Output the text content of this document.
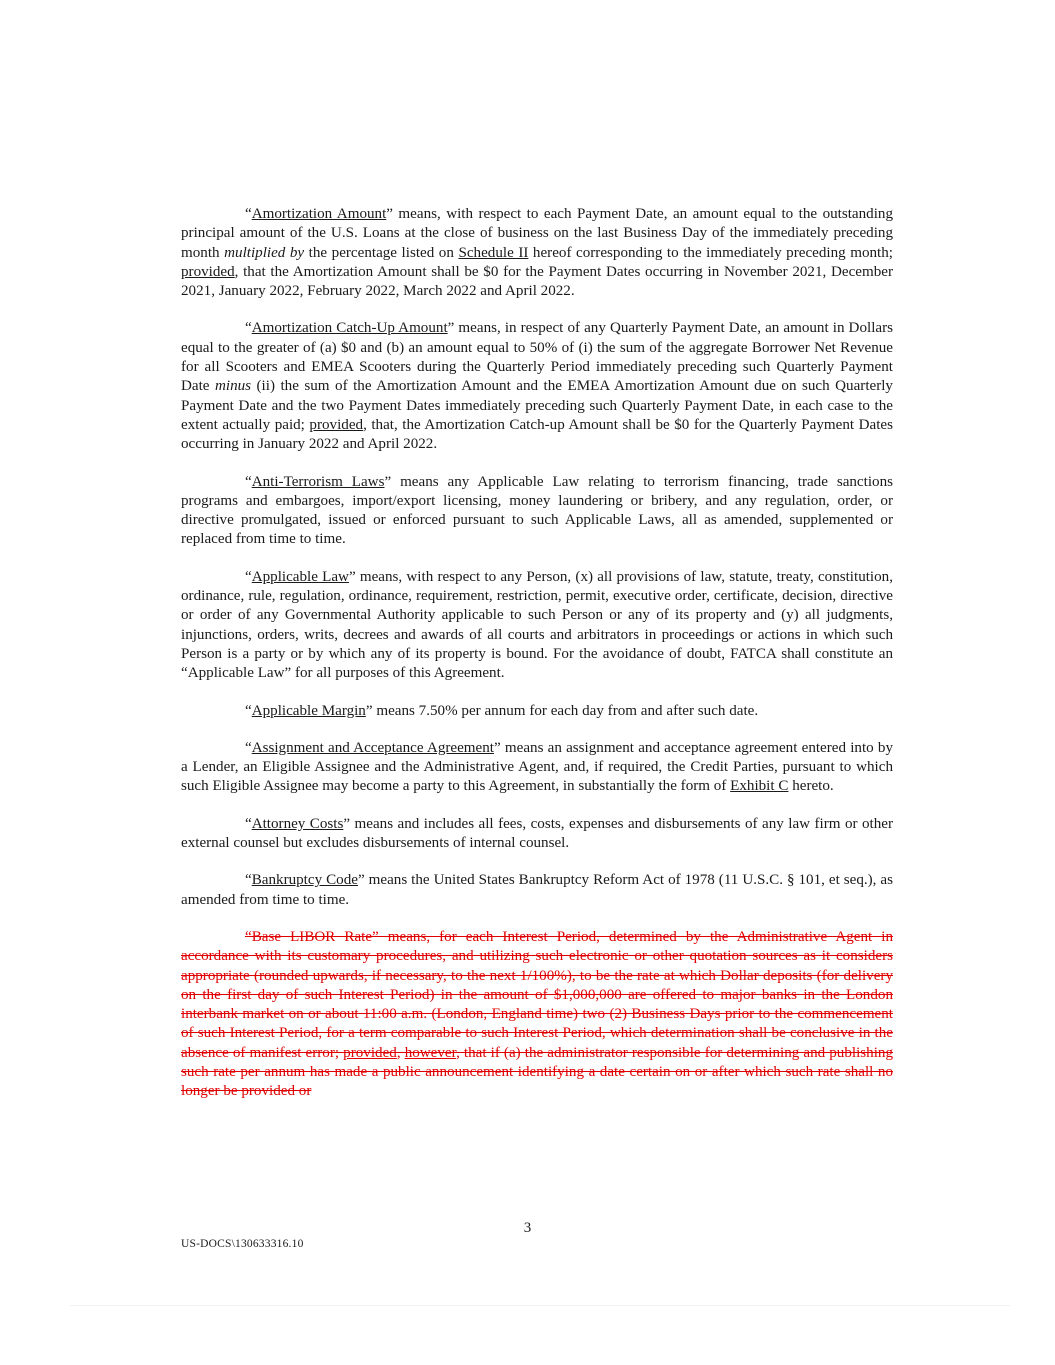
“Amortization Amount” means, with respect to each Payment Date, an amount equal to the outstanding principal amount of the U.S. Loans at the close of business on the last Business Day of the immediately preceding month multiplied by the percentage listed on Schedule II hereof corresponding to the immediately preceding month; provided, that the Amortization Amount shall be $0 for the Payment Dates occurring in November 2021, December 2021, January 2022, February 2022, March 2022 and April 2022.

“Amortization Catch-Up Amount” means, in respect of any Quarterly Payment Date, an amount in Dollars equal to the greater of (a) $0 and (b) an amount equal to 50% of (i) the sum of the aggregate Borrower Net Revenue for all Scooters and EMEA Scooters during the Quarterly Period immediately preceding such Quarterly Payment Date minus (ii) the sum of the Amortization Amount and the EMEA Amortization Amount due on such Quarterly Payment Date and the two Payment Dates immediately preceding such Quarterly Payment Date, in each case to the extent actually paid; provided, that, the Amortization Catch-up Amount shall be $0 for the Quarterly Payment Dates occurring in January 2022 and April 2022.

“Anti-Terrorism Laws” means any Applicable Law relating to terrorism financing, trade sanctions programs and embargoes, import/export licensing, money laundering or bribery, and any regulation, order, or directive promulgated, issued or enforced pursuant to such Applicable Laws, all as amended, supplemented or replaced from time to time.

“Applicable Law” means, with respect to any Person, (x) all provisions of law, statute, treaty, constitution, ordinance, rule, regulation, ordinance, requirement, restriction, permit, executive order, certificate, decision, directive or order of any Governmental Authority applicable to such Person or any of its property and (y) all judgments, injunctions, orders, writs, decrees and awards of all courts and arbitrators in proceedings or actions in which such Person is a party or by which any of its property is bound. For the avoidance of doubt, FATCA shall constitute an “Applicable Law” for all purposes of this Agreement.

“Applicable Margin” means 7.50% per annum for each day from and after such date.

“Assignment and Acceptance Agreement” means an assignment and acceptance agreement entered into by a Lender, an Eligible Assignee and the Administrative Agent, and, if required, the Credit Parties, pursuant to which such Eligible Assignee may become a party to this Agreement, in substantially the form of Exhibit C hereto.

“Attorney Costs” means and includes all fees, costs, expenses and disbursements of any law firm or other external counsel but excludes disbursements of internal counsel.

“Bankruptcy Code” means the United States Bankruptcy Reform Act of 1978 (11 U.S.C. § 101, et seq.), as amended from time to time.

“Base LIBOR Rate” means, for each Interest Period, determined by the Administrative Agent in accordance with its customary procedures, and utilizing such electronic or other quotation sources as it considers appropriate (rounded upwards, if necessary, to the next 1/100%), to be the rate at which Dollar deposits (for delivery on the first day of such Interest Period) in the amount of $1,000,000 are offered to major banks in the London interbank market on or about 11:00 a.m. (London, England time) two (2) Business Days prior to the commencement of such Interest Period, for a term comparable to such Interest Period, which determination shall be conclusive in the absence of manifest error; provided, however, that if (a) the administrator responsible for determining and publishing such rate per annum has made a public announcement identifying a date certain on or after which such rate shall no longer be provided or

3
US-DOCS\130633316.10
